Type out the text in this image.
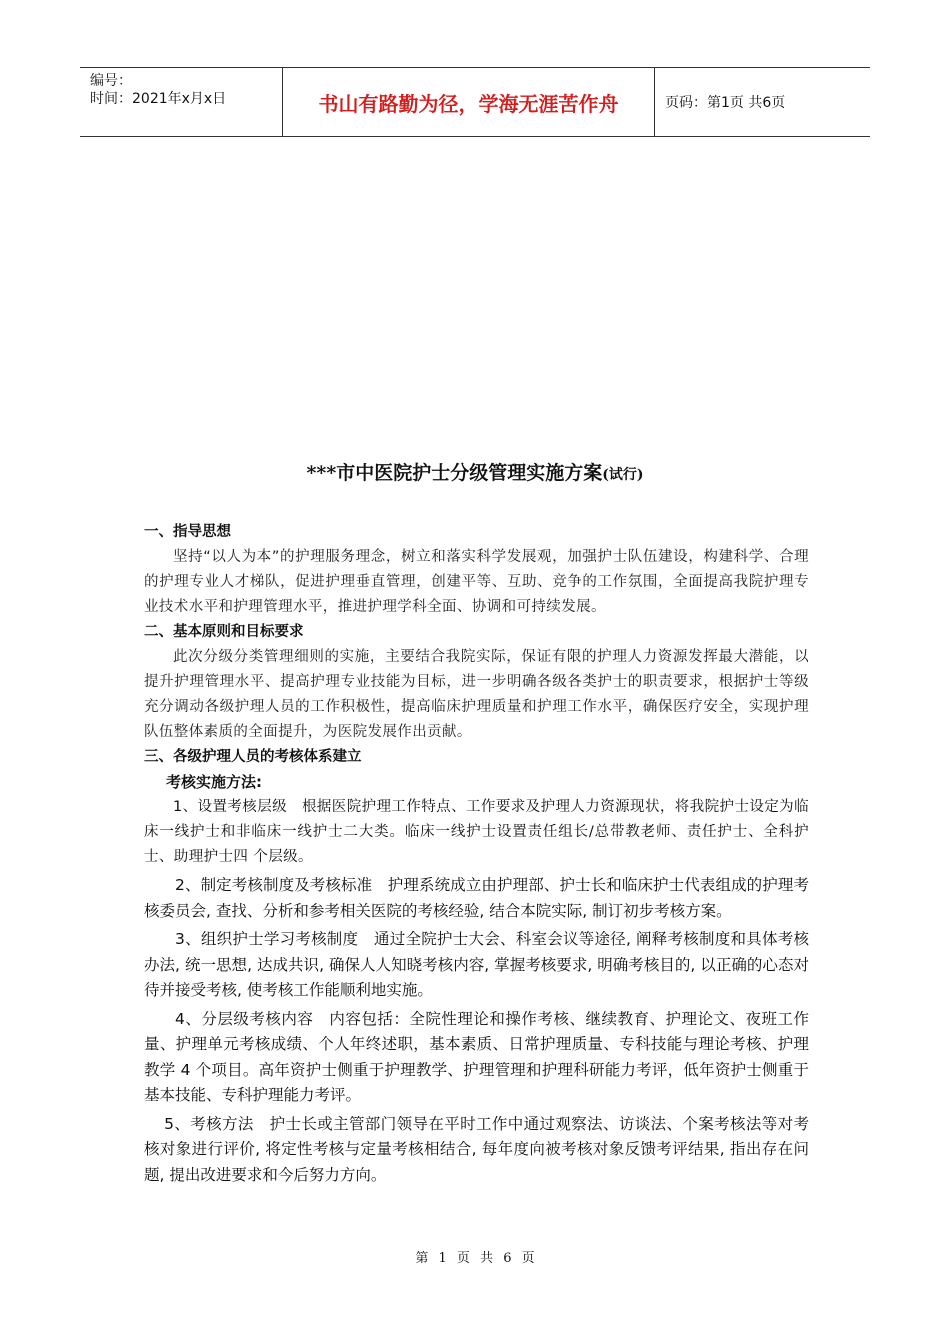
编号：
时间：2021年x月x日	书山有路勤为径，学海无涯苦作舟	页码：第1页 共6页
***市中医院护士分级管理实施方案(试行)

一、指导思想

坚持“以人为本”的护理服务理念，树立和落实科学发展观，加强护士队伍建设，构建科学、合理的护理专业人才梯队，促进护理垂直管理，创建平等、互助、竞争的工作氛围，全面提高我院护理专业技术水平和护理管理水平，推进护理学科全面、协调和可持续发展。

二、基本原则和目标要求

此次分级分类管理细则的实施，主要结合我院实际，保证有限的护理人力资源发挥最大潜能，以提升护理管理水平、提高护理专业技能为目标，进一步明确各级各类护士的职责要求，根据护士等级充分调动各级护理人员的工作积极性，提高临床护理质量和护理工作水平，确保医疗安全，实现护理队伍整体素质的全面提升，为医院发展作出贡献。

三、各级护理人员的考核体系建立

考核实施方法:

1、设置考核层级　根据医院护理工作特点、工作要求及护理人力资源现状，将我院护士设定为临床一线护士和非临床一线护士二大类。临床一线护士设置责任组长/总带教老师、责任护士、全科护士、助理护士四 个层级。

2、制定考核制度及考核标准　护理系统成立由护理部、护士长和临床护士代表组成的护理考核委员会, 查找、分析和参考相关医院的考核经验, 结合本院实际, 制订初步考核方案。

3、组织护士学习考核制度　通过全院护士大会、科室会议等途径, 阐释考核制度和具体考核办法, 统一思想, 达成共识, 确保人人知晓考核内容, 掌握考核要求, 明确考核目的, 以正确的心态对待并接受考核, 使考核工作能顺利地实施。

4、分层级考核内容　内容包括：全院性理论和操作考核、继续教育、护理论文、夜班工作量、护理单元考核成绩、个人年终述职，基本素质、日常护理质量、专科技能与理论考核、护理教学 4 个项目。高年资护士侧重于护理教学、护理管理和护理科研能力考评，低年资护士侧重于基本技能、专科护理能力考评。

5、考核方法　护士长或主管部门领导在平时工作中通过观察法、访谈法、个案考核法等对考核对象进行评价, 将定性考核与定量考核相结合, 每年度向被考核对象反馈考评结果, 指出存在问题, 提出改进要求和今后努力方向。

第 1 页 共 6 页
